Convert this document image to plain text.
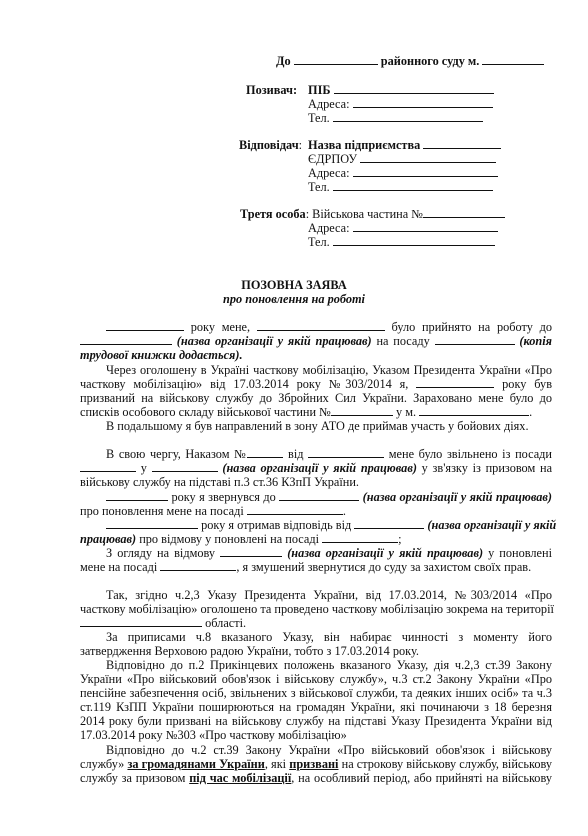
До	районного суду м.
Позивач: ПІБ
Адреса:
Тел.
Відповідач: Назва підприємства
ЄДРПОУ
Адреса:
Тел.
Третя особа: Військова частина №
Адреса:
Тел.
ПОЗОВНА ЗАЯВА
про поновлення на роботі
року мене,	було прийнято на роботу до
(назва організації у якій працював) на посаду	(копія
трудової книжки додається).
Через оголошену в Україні часткову мобілізацію, Указом Президента України «Про
часткову мобілізацію» від 17.03.2014 року №303/2014 я,	року був
призваний на військову службу до Збройних Сил України. Зараховано мене було до
списків особового складу військової частини №	у м.	.
В подальшому я був направлений в зону АТО де приймав участь у бойових діях.
В свою чергу, Наказом №	від	мене було звільнено із посади
у	(назва організації у якій працював) у зв'язку із призовом на
військову службу на підставі п.3 ст.36 КЗпП України.
року я звернувся до	(назва організації у якій працював)
про поновлення мене на посаді	.
року я отримав відповідь від	(назва організації у якій
працював) про відмову у поновлені на посаді	;
З огляду на відмову	(назва організації у якій працював) у поновлені
мене на посаді	, я змушений звернутися до суду за захистом своїх прав.
Так, згідно ч.2,3 Указу Президента України, від 17.03.2014, №303/2014 «Про
часткову мобілізацію» оголошено та проведено часткову мобілізацію зокрема на території
області.
За приписами ч.8 вказаного Указу, він набирає чинності з моменту його
затвердження Верховою радою України, тобто з 17.03.2014 року.
Відповідно до п.2 Прикінцевих положень вказаного Указу, дія ч.2,3 ст.39 Закону
України «Про військовий обов'язок і військову службу», ч.3 ст.2 Закону України «Про
пенсійне забезпечення осіб, звільнених з військової служби, та деяких інших осіб» та ч.3
ст.119 КзПП України поширюються на громадян України, які починаючи з 18 березня
2014 року були призвані на військову службу на підставі Указу Президента України від
17.03.2014 року №303 «Про часткову мобілізацію»
Відповідно до ч.2 ст.39 Закону України «Про військовий обов'язок і військову
службу» за громадянами України, які призвані на строкову військову службу, військову
службу за призовом під час мобілізації, на особливий період, або прийняті на військову
